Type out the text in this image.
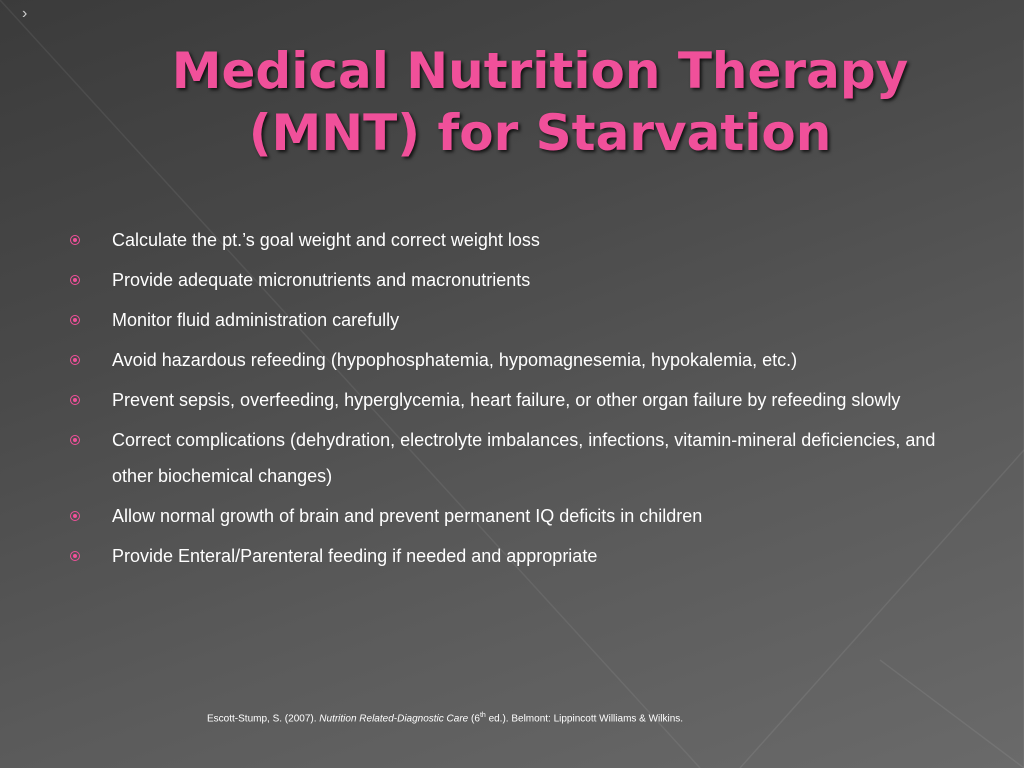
›
Medical Nutrition Therapy
(MNT) for Starvation
Calculate the pt.’s goal weight and correct weight loss
Provide adequate micronutrients and macronutrients
Monitor fluid administration carefully
Avoid hazardous refeeding (hypophosphatemia, hypomagnesemia, hypokalemia, etc.)
Prevent sepsis, overfeeding, hyperglycemia, heart failure, or other organ failure by refeeding slowly
Correct complications (dehydration, electrolyte imbalances, infections, vitamin-mineral deficiencies, and other biochemical changes)
Allow normal growth of brain and prevent permanent IQ deficits in children
Provide Enteral/Parenteral feeding if needed and appropriate
Escott-Stump, S. (2007). Nutrition Related-Diagnostic Care (6th ed.). Belmont: Lippincott Williams & Wilkins.
